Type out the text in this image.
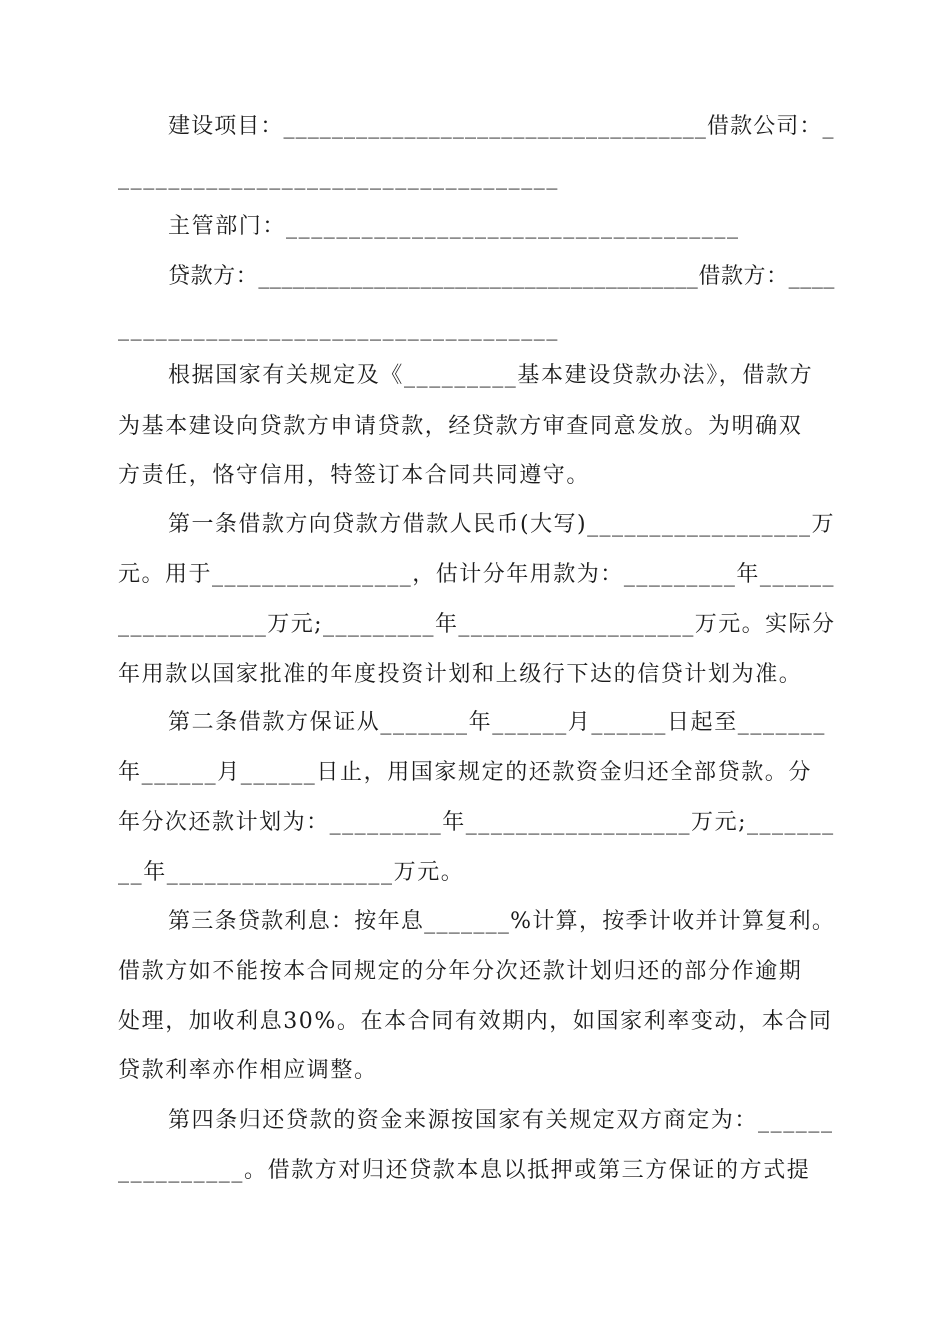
建设项目：___________________________________借款公司：_
___________________________________
主管部门：____________________________________
贷款方：______________________________________借款方：____
___________________________________
根据国家有关规定及《_________基本建设贷款办法》，借款方
为基本建设向贷款方申请贷款，经贷款方审查同意发放。为明确双
方责任，恪守信用，特签订本合同共同遵守。
第一条借款方向贷款方借款人民币(大写)__________________万
元。用于________________，估计分年用款为：_________年______
____________万元;_________年___________________万元。实际分
年用款以国家批准的年度投资计划和上级行下达的信贷计划为准。
第二条借款方保证从_______年______月______日起至_______
年______月______日止，用国家规定的还款资金归还全部贷款。分
年分次还款计划为：_________年__________________万元;_______
__年__________________万元。
第三条贷款利息：按年息_______%计算，按季计收并计算复利。
借款方如不能按本合同规定的分年分次还款计划归还的部分作逾期
处理，加收利息30%。在本合同有效期内，如国家利率变动，本合同
贷款利率亦作相应调整。
第四条归还贷款的资金来源按国家有关规定双方商定为：______
__________。借款方对归还贷款本息以抵押或第三方保证的方式提
